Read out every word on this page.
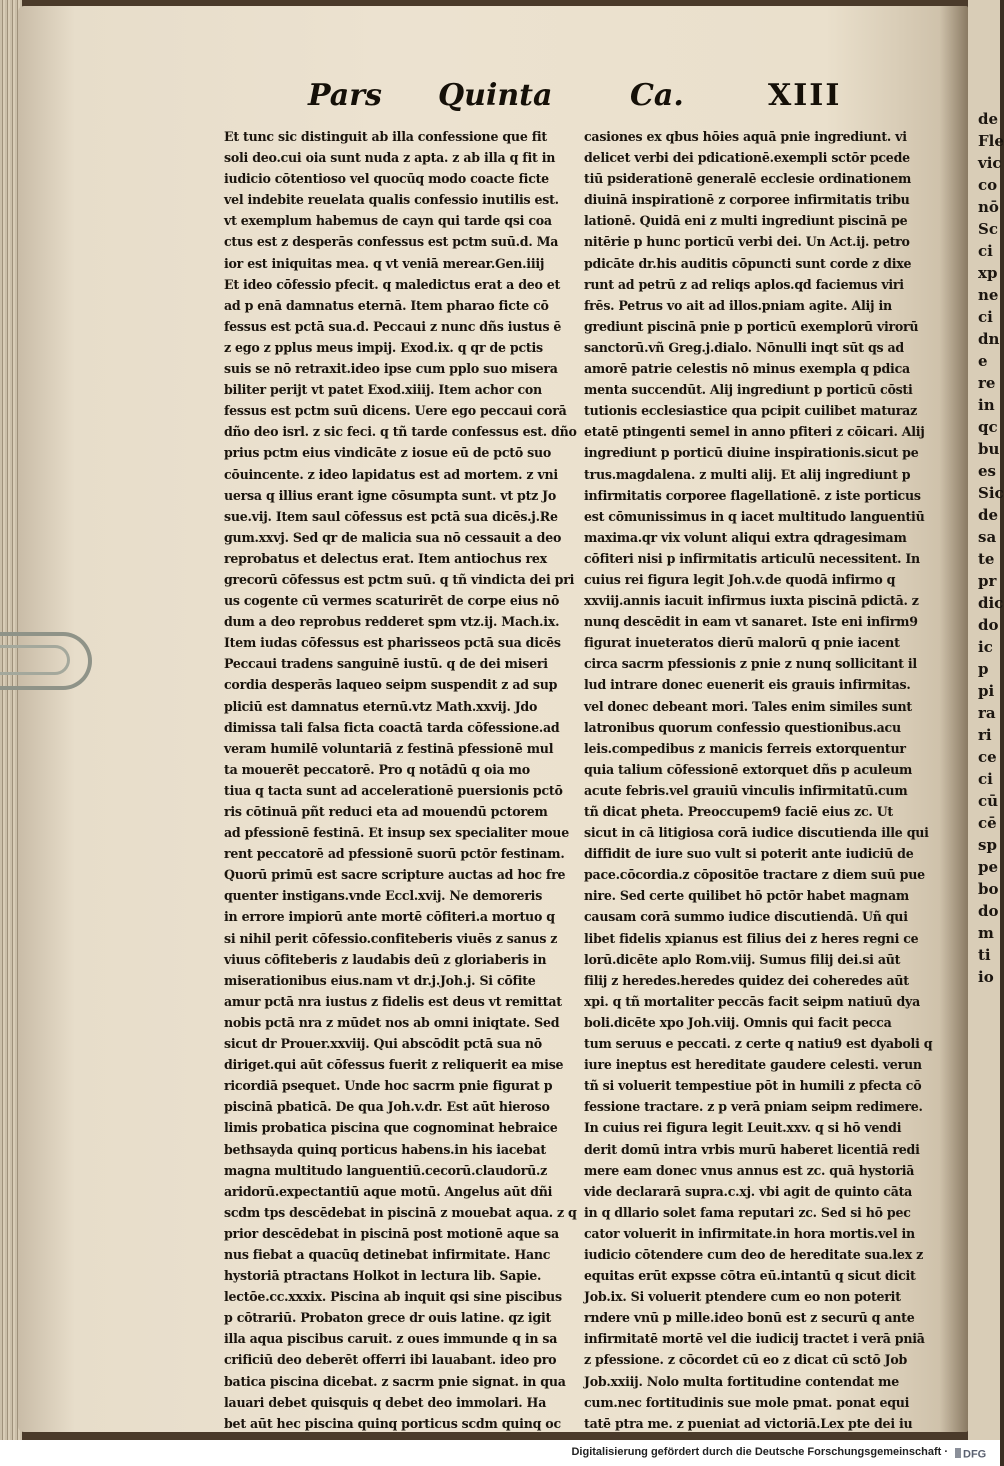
de
Fle
vic
co
nō
Sc
ci
xp
ne
ci
dn
e
re
in
qc
bu
es
Sic
de
sa
te
pr
dic
do
ic
p
pi
ra
ri
ce
ci
cū
cē
sp
pe
bo
do
m
ti
io
Pars Quinta	Ca.	XIII
Et tunc sic distinguit ab illa confessione que fit
soli deo.cui oia sunt nuda z apta. z ab illa q fit in
iudicio cōtentioso vel quocūq modo coacte ficte
vel indebite reuelata qualis confessio inutilis est.
vt exemplum habemus de cayn qui tarde qsi coa
ctus est z desperās confessus est pctm suū.d. Ma
ior est iniquitas mea. q vt veniā merear.Gen.iiij
Et ideo cōfessio pfecit. q maledictus erat a deo et
ad p enā damnatus eternā. Item pharao ficte cō
fessus est pctā sua.d. Peccaui z nunc dñs iustus ē
z ego z pplus meus impij. Exod.ix. q qr de pctis
suis se nō retraxit.ideo ipse cum pplo suo misera
biliter perijt vt patet Exod.xiiij. Item achor con
fessus est pctm suū dicens. Uere ego peccaui corā
dño deo isrl. z sic feci. q tñ tarde confessus est. dño
prius pctm eius vindicāte z iosue eū de pctō suo
cōuincente. z ideo lapidatus est ad mortem. z vni
uersa q illius erant igne cōsumpta sunt. vt ptz Jo
sue.vij. Item saul cōfessus est pctā sua dicēs.j.Re
gum.xxvj. Sed qr de malicia sua nō cessauit a deo
reprobatus et delectus erat. Item antiochus rex
grecorū cōfessus est pctm suū. q tñ vindicta dei pri
us cogente cū vermes scaturirēt de corpe eius nō
dum a deo reprobus redderet spm vtz.ij. Mach.ix.
Item iudas cōfessus est pharisseos pctā sua dicēs
Peccaui tradens sanguinē iustū. q de dei miseri
cordia desperās laqueo seipm suspendit z ad sup
pliciū est damnatus eternū.vtz Math.xxvij. Jdo
dimissa tali falsa ficta coactā tarda cōfessione.ad
veram humilē voluntariā z festinā pfessionē mul
ta mouerēt peccatorē. Pro q notādū q oia mo
tiua q tacta sunt ad accelerationē puersionis pctō
ris cōtinuā pñt reduci eta ad mouendū pctorem
ad pfessionē festinā. Et insup sex specialiter moue
rent peccatorē ad pfessionē suorū pctōr festinam.
Quorū primū est sacre scripture auctas ad hoc fre
quenter instigans.vnde Eccl.xvij. Ne demoreris
in errore impiorū ante mortē cōfiteri.a mortuo q
si nihil perit cōfessio.confiteberis viuēs z sanus z
viuus cōfiteberis z laudabis deū z gloriaberis in
miserationibus eius.nam vt dr.j.Joh.j. Si cōfite
amur pctā nra iustus z fidelis est deus vt remittat
nobis pctā nra z mūdet nos ab omni iniqtate. Sed
sicut dr Prouer.xxviij. Qui abscōdit pctā sua nō
diriget.qui aūt cōfessus fuerit z reliquerit ea mise
ricordiā psequet. Unde hoc sacrm pnie figurat p
piscinā pbaticā. De qua Joh.v.dr. Est aūt hieroso
limis probatica piscina que cognominat hebraice
bethsayda quinq porticus habens.in his iacebat
magna multitudo languentiū.cecorū.claudorū.z
aridorū.expectantiū aque motū. Angelus aūt dñi
scdm tps descēdebat in piscinā z mouebat aqua. z q
prior descēdebat in piscinā post motionē aque sa
nus fiebat a quacūq detinebat infirmitate. Hanc
hystoriā ptractans Holkot in lectura lib. Sapie.
lectōe.cc.xxxix. Piscina ab inquit qsi sine piscibus
p cōtrariū. Probaton grece dr ouis latine. qz igit
illa aqua piscibus caruit. z oues immunde q in sa
crificiū deo deberēt offerri ibi lauabant. ideo pro
batica piscina dicebat. z sacrm pnie signat. in qua
lauari debet quisquis q debet deo immolari. Ha
bet aūt hec piscina quinq porticus scdm quinq oc
casiones ex qbus hōies aquā pnie ingrediunt. vi
delicet verbi dei pdicationē.exempli sctōr pcede
tiū psiderationē generalē ecclesie ordinationem
diuinā inspirationē z corporee infirmitatis tribu
lationē. Quidā eni z multi ingrediunt piscinā pe
nitērie p hunc porticū verbi dei. Un Act.ij. petro
pdicāte dr.his auditis cōpuncti sunt corde z dixe
runt ad petrū z ad reliqs aplos.qd faciemus viri
frēs. Petrus vo ait ad illos.pniam agite. Alij in
grediunt piscinā pnie p porticū exemplorū virorū
sanctorū.vñ Greg.j.dialo. Nōnulli inqt sūt qs ad
amorē patrie celestis nō minus exempla q pdica
menta succendūt. Alij ingrediunt p porticū cōsti
tutionis ecclesiastice qua pcipit cuilibet maturaz
etatē ptingenti semel in anno pfiteri z cōicari. Alij
ingrediunt p porticū diuine inspirationis.sicut pe
trus.magdalena. z multi alij. Et alij ingrediunt p
infirmitatis corporee flagellationē. z iste porticus
est cōmunissimus in q iacet multitudo languentiū
maxima.qr vix volunt aliqui extra qdragesimam
cōfiteri nisi p infirmitatis articulū necessitent. In
cuius rei figura legit Joh.v.de quodā infirmo q
xxviij.annis iacuit infirmus iuxta piscinā pdictā. z
nunq descēdit in eam vt sanaret. Iste eni infirm9
figurat inueteratos dierū malorū q pnie iacent
circa sacrm pfessionis z pnie z nunq sollicitant il
lud intrare donec euenerit eis grauis infirmitas.
vel donec debeant mori. Tales enim similes sunt
latronibus quorum confessio questionibus.acu
leis.compedibus z manicis ferreis extorquentur
quia talium cōfessionē extorquet dñs p aculeum
acute febris.vel grauiū vinculis infirmitatū.cum
tñ dicat pheta. Preoccupem9 faciē eius zc. Ut
sicut in cā litigiosa corā iudice discutienda ille qui
diffidit de iure suo vult si poterit ante iudiciū de
pace.cōcordia.z cōpositōe tractare z diem suū pue
nire. Sed certe quilibet hō pctōr habet magnam
causam corā summo iudice discutiendā. Uñ qui
libet fidelis xpianus est filius dei z heres regni ce
lorū.dicēte aplo Rom.viij. Sumus filij dei.si aūt
filij z heredes.heredes quidez dei coheredes aūt
xpi. q tñ mortaliter peccās facit seipm natiuū dya
boli.dicēte xpo Joh.viij. Omnis qui facit pecca
tum seruus e peccati. z certe q natiu9 est dyaboli q
iure ineptus est hereditate gaudere celesti. verun
tñ si voluerit tempestiue pōt in humili z pfecta cō
fessione tractare. z p verā pniam seipm redimere.
In cuius rei figura legit Leuit.xxv. q si hō vendi
derit domū intra vrbis murū haberet licentiā redi
mere eam donec vnus annus est zc. quā hystoriā
vide declararā supra.c.xj. vbi agit de quinto cāta
in q dllario solet fama reputari zc. Sed si hō pec
cator voluerit in infirmitate.in hora mortis.vel in
iudicio cōtendere cum deo de hereditate sua.lex z
equitas erūt expsse cōtra eū.intantū q sicut dicit
Job.ix. Si voluerit ptendere cum eo non poterit
rndere vnū p mille.ideo bonū est z securū q ante
infirmitatē mortē vel die iudicij tractet i verā pniā
z pfessione. z cōcordet cū eo z dicat cū sctō Job
Job.xxiij. Nolo multa fortitudine contendat me
cum.nec fortitudinis sue mole pmat. ponat equi
tatē ptra me. z pueniat ad victoriā.Lex pte dei iu
Digitalisierung gefördert durch die Deutsche Forschungsgemeinschaft · DFG
